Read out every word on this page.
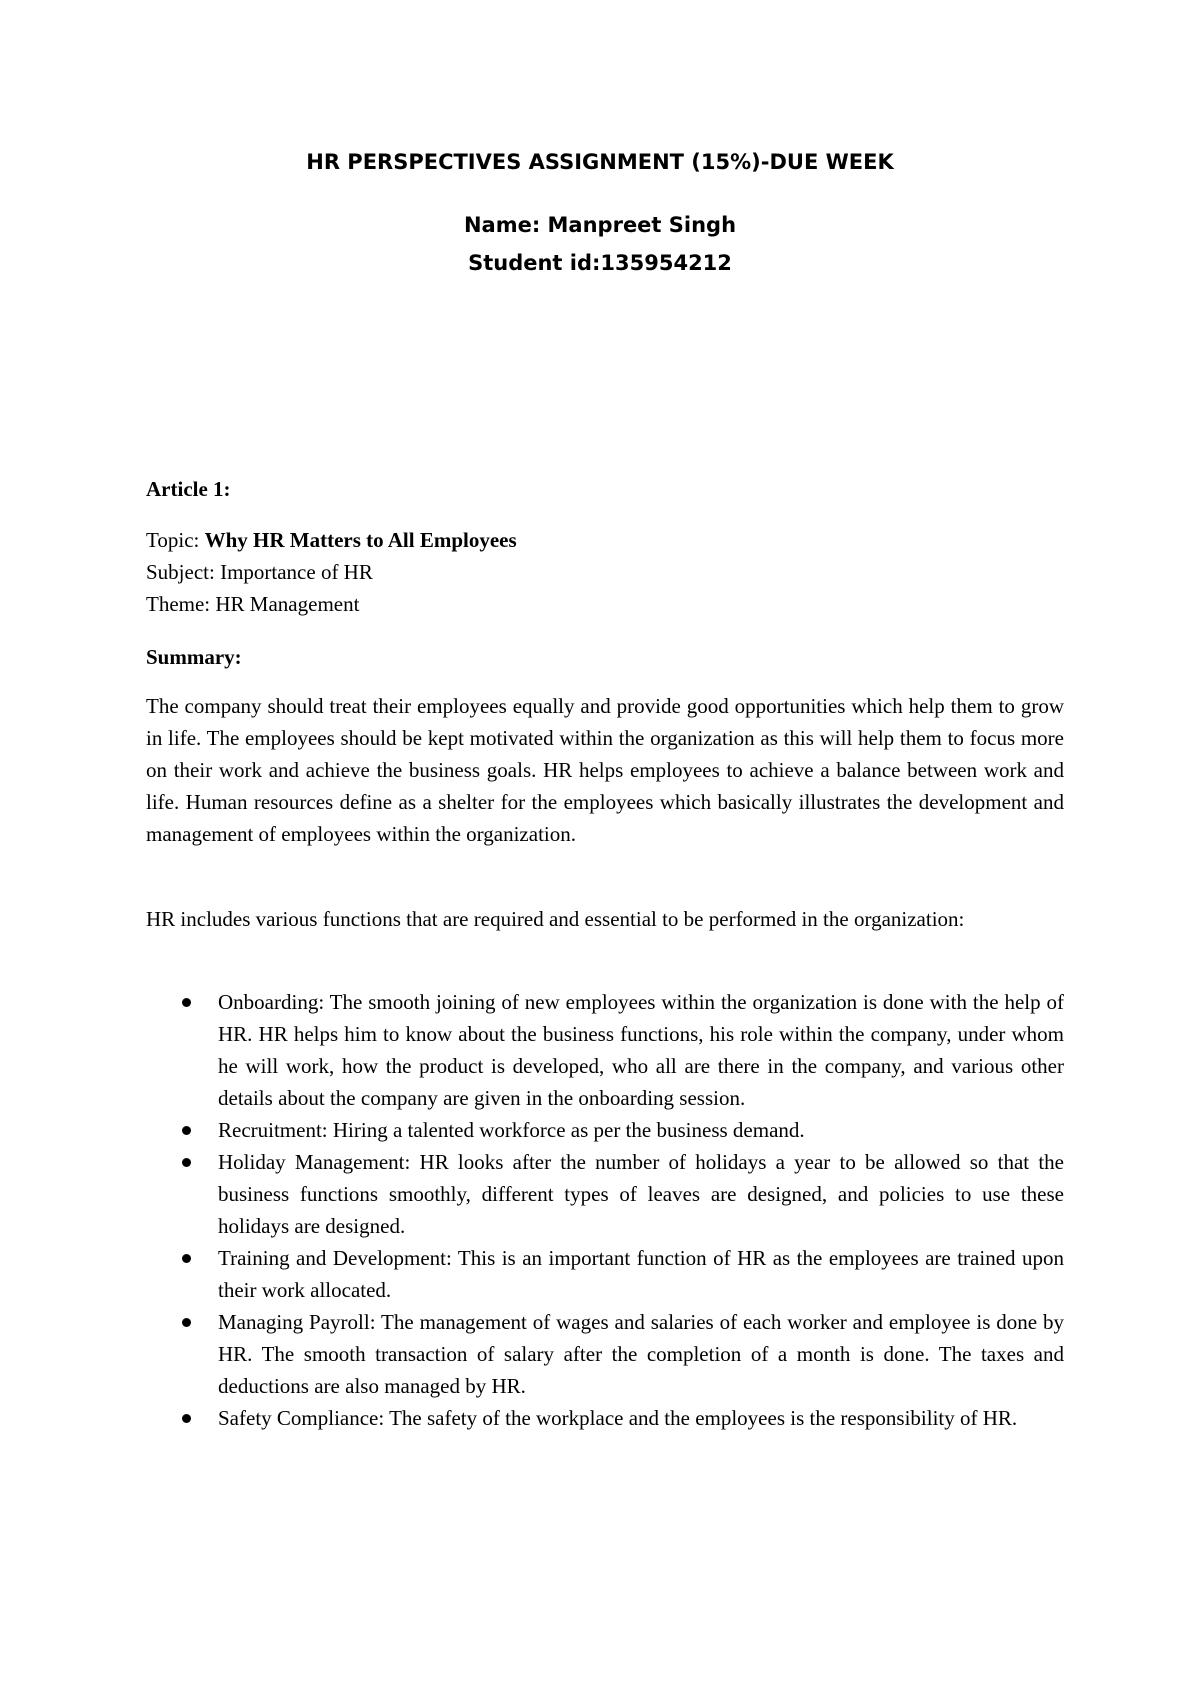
HR PERSPECTIVES ASSIGNMENT (15%)-DUE WEEK
Name: Manpreet Singh
Student id:135954212
Article 1:
Topic: Why HR Matters to All Employees
Subject: Importance of HR
Theme: HR Management
Summary:
The company should treat their employees equally and provide good opportunities which help them to grow in life. The employees should be kept motivated within the organization as this will help them to focus more on their work and achieve the business goals. HR helps employees to achieve a balance between work and life. Human resources define as a shelter for the employees which basically illustrates the development and management of employees within the organization.
HR includes various functions that are required and essential to be performed in the organization:
Onboarding: The smooth joining of new employees within the organization is done with the help of HR. HR helps him to know about the business functions, his role within the company, under whom he will work, how the product is developed, who all are there in the company, and various other details about the company are given in the onboarding session.
Recruitment: Hiring a talented workforce as per the business demand.
Holiday Management: HR looks after the number of holidays a year to be allowed so that the business functions smoothly, different types of leaves are designed, and policies to use these holidays are designed.
Training and Development: This is an important function of HR as the employees are trained upon their work allocated.
Managing Payroll: The management of wages and salaries of each worker and employee is done by HR. The smooth transaction of salary after the completion of a month is done. The taxes and deductions are also managed by HR.
Safety Compliance: The safety of the workplace and the employees is the responsibility of HR.
